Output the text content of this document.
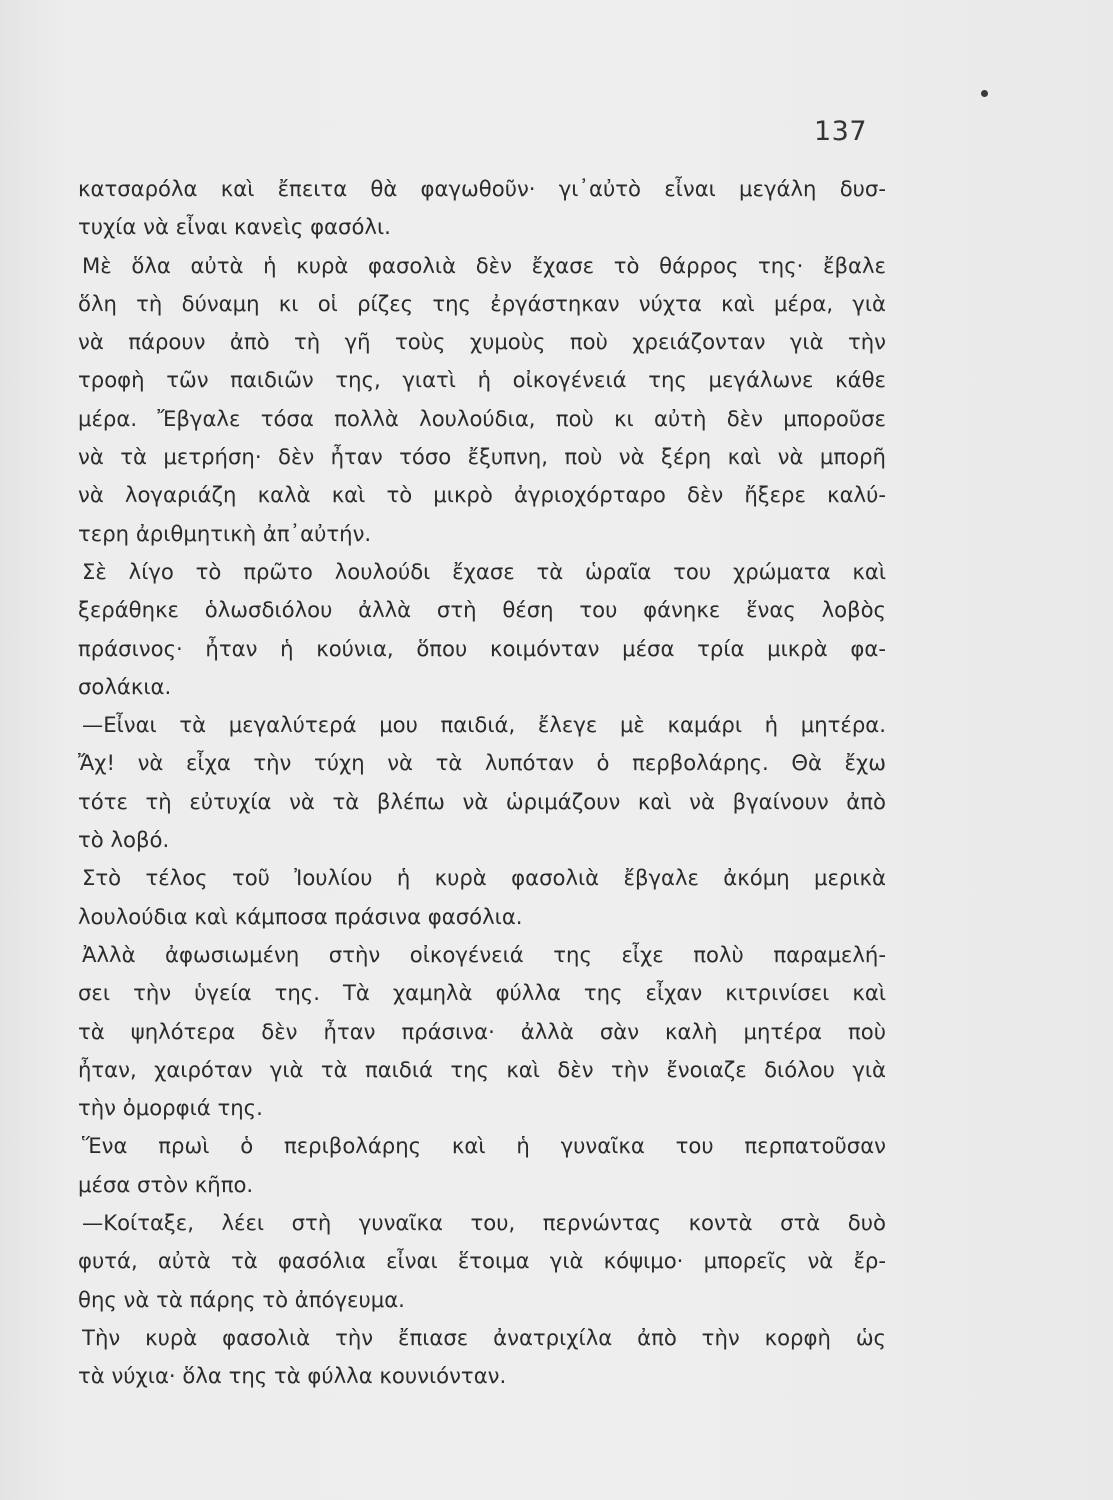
137
κατσαρόλα καὶ ἔπειτα θὰ φαγωθοῦν· γι᾽αὐτὸ εἶναι μεγάλη δυσ-
τυχία νὰ εἶναι κανεὶς φασόλι.
Μὲ ὅλα αὐτὰ ἡ κυρὰ φασολιὰ δὲν ἔχασε τὸ θάρρος της· ἔβαλε
ὅλη τὴ δύναμη κι οἱ ρίζες της ἐργάστηκαν νύχτα καὶ μέρα, γιὰ
νὰ πάρουν ἀπὸ τὴ γῆ τοὺς χυμοὺς ποὺ χρειάζονταν γιὰ τὴν
τροφὴ τῶν παιδιῶν της, γιατὶ ἡ οἰκογένειά της μεγάλωνε κάθε
μέρα. Ἔβγαλε τόσα πολλὰ λουλούδια, ποὺ κι αὐτὴ δὲν μποροῦσε
νὰ τὰ μετρήση· δὲν ἦταν τόσο ἔξυπνη, ποὺ νὰ ξέρη καὶ νὰ μπορῆ
νὰ λογαριάζη καλὰ καὶ τὸ μικρὸ ἀγριοχόρταρο δὲν ἤξερε καλύ-
τερη ἀριθμητικὴ ἀπ᾽αὐτήν.
Σὲ λίγο τὸ πρῶτο λουλούδι ἔχασε τὰ ὡραῖα του χρώματα καὶ
ξεράθηκε ὁλωσδιόλου ἀλλὰ στὴ θέση του φάνηκε ἕνας λοβὸς
πράσινος· ἦταν ἡ κούνια, ὅπου κοιμόνταν μέσα τρία μικρὰ φα-
σολάκια.
—Εἶναι τὰ μεγαλύτερά μου παιδιά, ἔλεγε μὲ καμάρι ἡ μητέρα.
Ἄχ! νὰ εἶχα τὴν τύχη νὰ τὰ λυπόταν ὁ περβολάρης. Θὰ ἔχω
τότε τὴ εὐτυχία νὰ τὰ βλέπω νὰ ὡριμάζουν καὶ νὰ βγαίνουν ἀπὸ
τὸ λοβό.
Στὸ τέλος τοῦ Ἰουλίου ἡ κυρὰ φασολιὰ ἔβγαλε ἀκόμη μερικὰ
λουλούδια καὶ κάμποσα πράσινα φασόλια.
Ἀλλὰ ἀφωσιωμένη στὴν οἰκογένειά της εἶχε πολὺ παραμελή-
σει τὴν ὑγεία της. Τὰ χαμηλὰ φύλλα της εἶχαν κιτρινίσει καὶ
τὰ ψηλότερα δὲν ἦταν πράσινα· ἀλλὰ σὰν καλὴ μητέρα ποὺ
ἦταν, χαιρόταν γιὰ τὰ παιδιά της καὶ δὲν τὴν ἔνοιαζε διόλου γιὰ
τὴν ὀμορφιά της.
Ἕνα πρωὶ ὁ περιβολάρης καὶ ἡ γυναῖκα του περπατοῦσαν
μέσα στὸν κῆπο.
—Κοίταξε, λέει στὴ γυναῖκα του, περνώντας κοντὰ στὰ δυὸ
φυτά, αὐτὰ τὰ φασόλια εἶναι ἕτοιμα γιὰ κόψιμο· μπορεῖς νὰ ἔρ-
θης νὰ τὰ πάρης τὸ ἀπόγευμα.
Τὴν κυρὰ φασολιὰ τὴν ἔπιασε ἀνατριχίλα ἀπὸ τὴν κορφὴ ὡς
τὰ νύχια· ὅλα της τὰ φύλλα κουνιόνταν.
